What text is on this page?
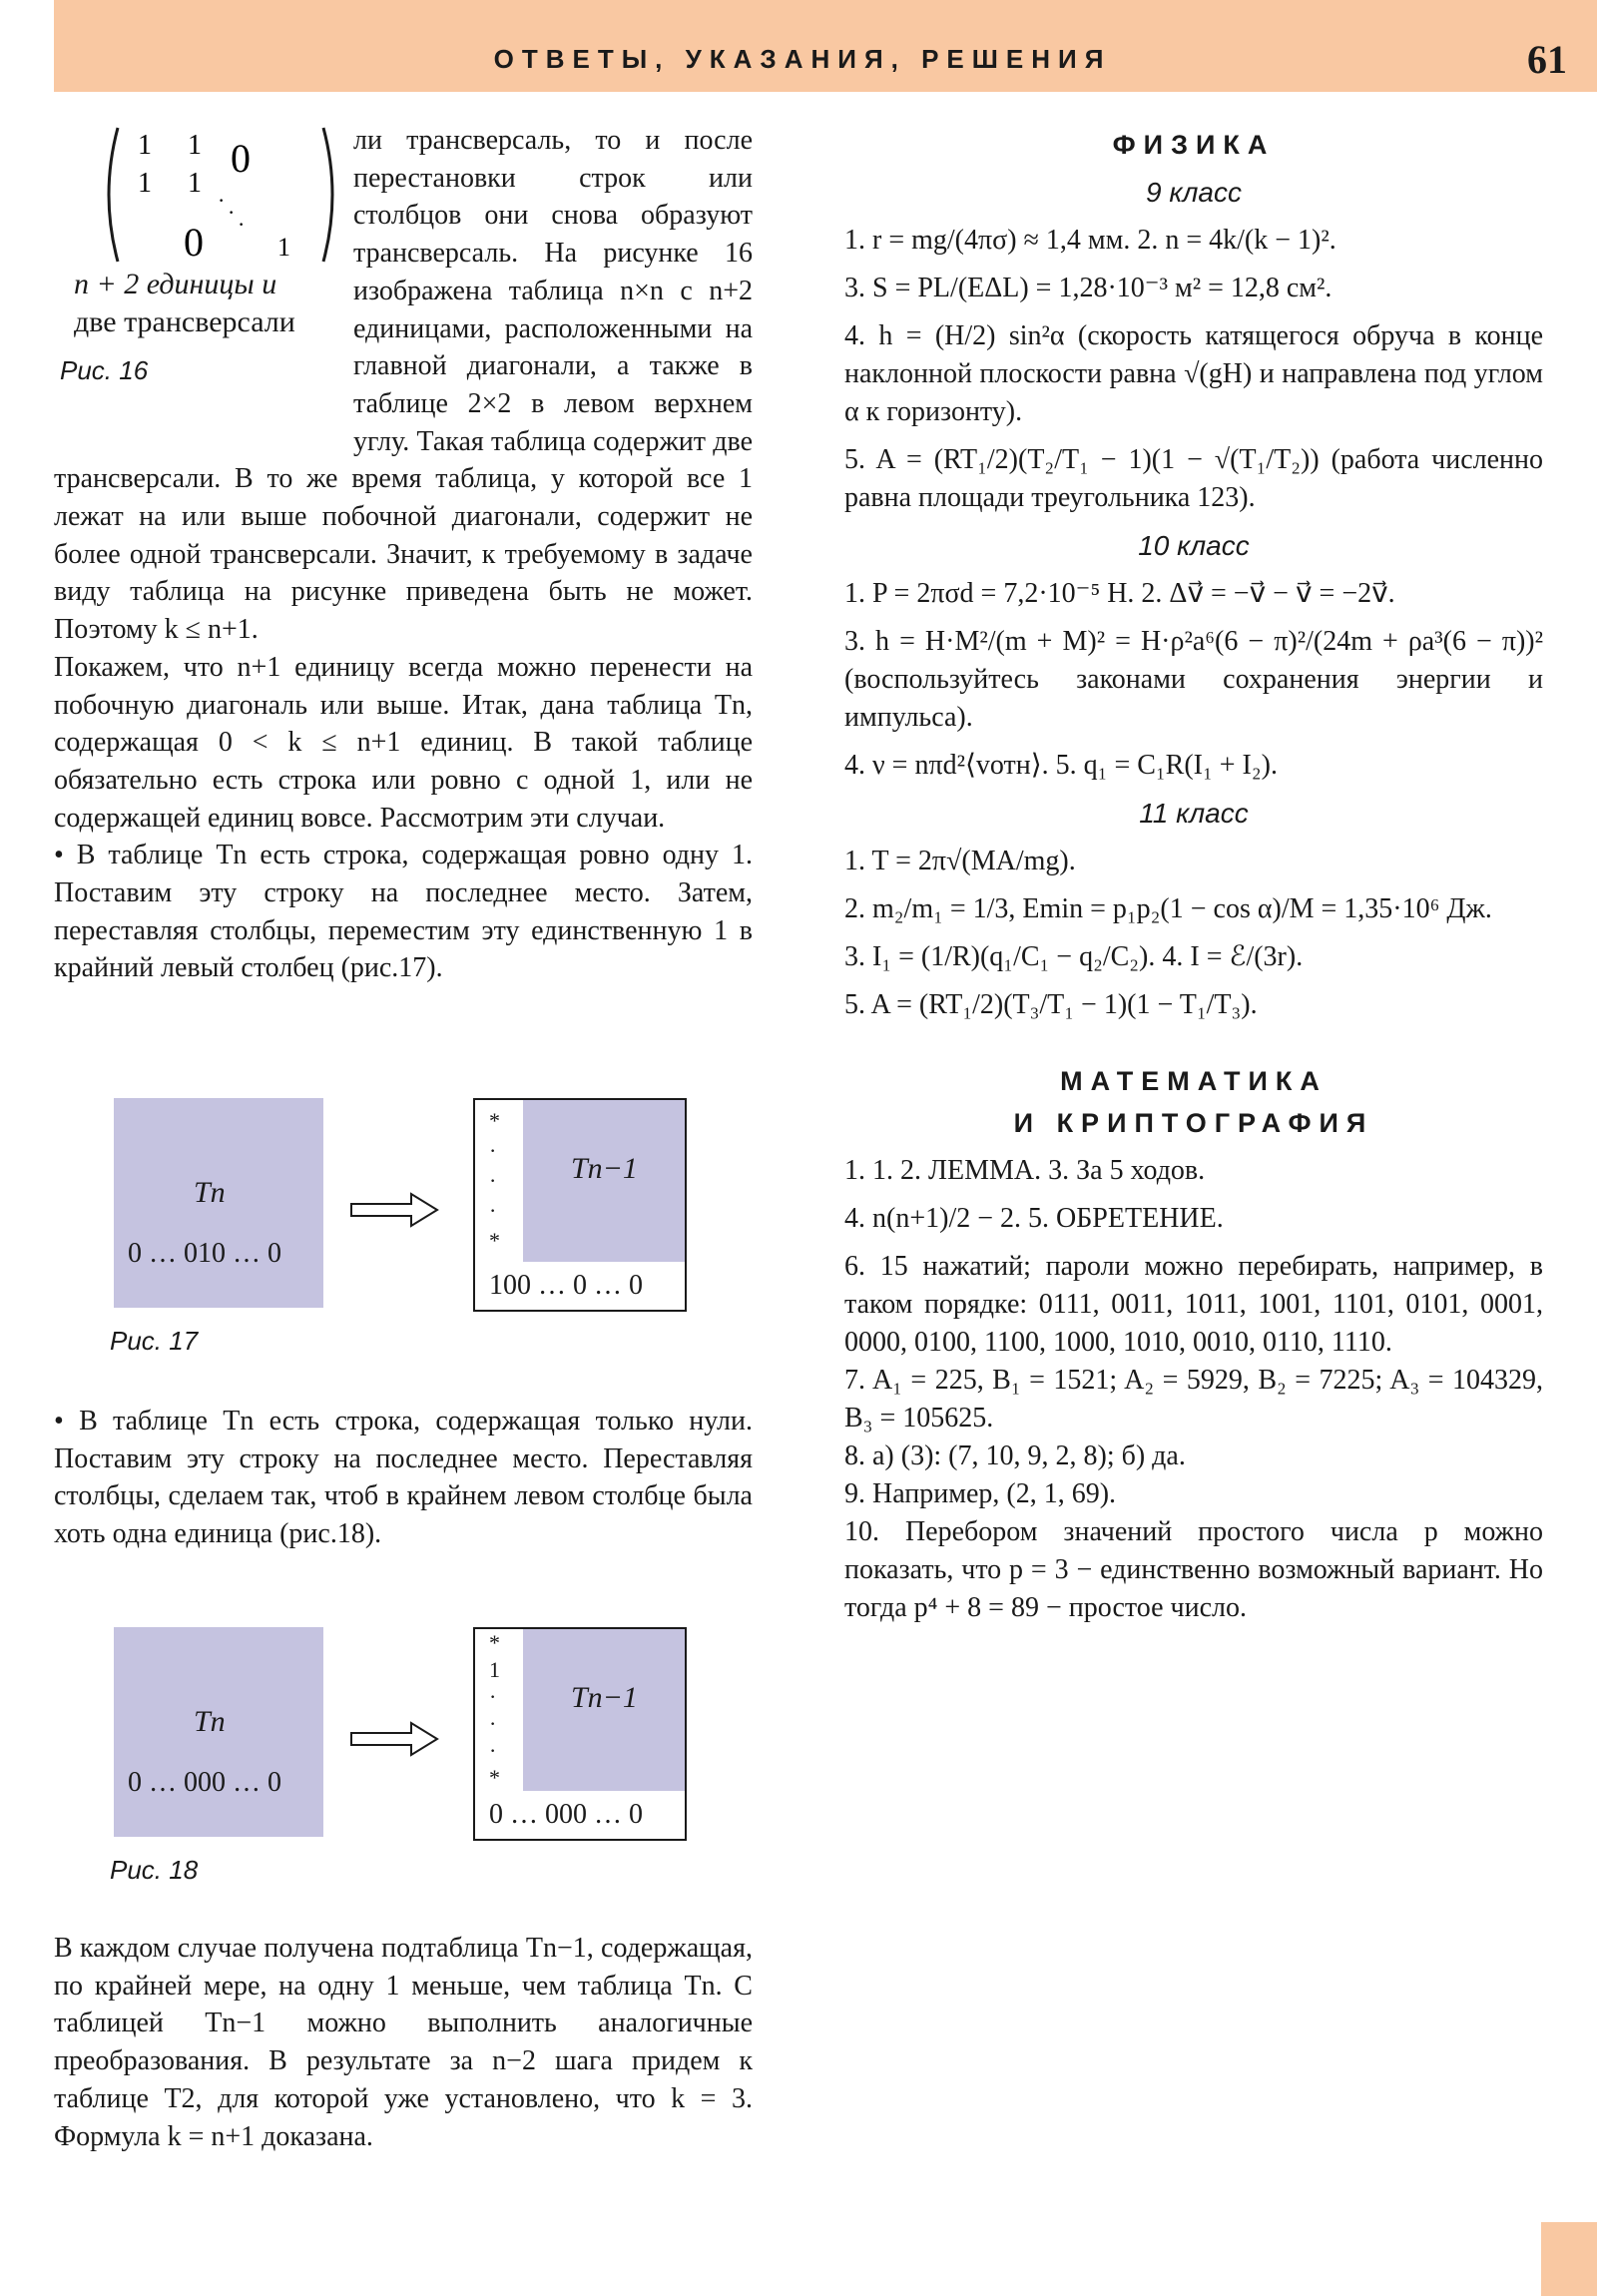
ОТВЕТЫ, УКАЗАНИЯ, РЕШЕНИЯ	61
1 1
1 1
0
0
· · ·
1
n + 2 единицы и
две трансверсали
Рис. 16
ли трансверсаль, то и после перестановки строк или столбцов они снова образуют трансверсаль. На рисунке 16 изображена таблица n×n с n+2 единицами, расположенными на главной диагонали, а также в таблице 2×2 в левом верхнем углу. Такая таблица содержит две трансверсали. В то же время таблица, у которой все 1 лежат на или выше побочной диагонали, содержит не более одной трансверсали. Значит, к требуемому в задаче виду таблица на рисунке приведена быть не может. Поэтому k ≤ n+1.

Покажем, что n+1 единицу всегда можно перенести на побочную диагональ или выше. Итак, дана таблица Tn, содержащая 0 < k ≤ n+1 единиц. В такой таблице обязательно есть строка или ровно с одной 1, или не содержащей единиц вовсе. Рассмотрим эти случаи.

• В таблице Tn есть строка, содержащая ровно одну 1. Поставим эту строку на последнее место. Затем, переставляя столбцы, переместим эту единственную 1 в крайний левый столбец (рис.17).

Tn
0 … 010 … 0
Tn−1
*
·
·
·
*
100 … 0 … 0
Рис. 17

• В таблице Tn есть строка, содержащая только нули. Поставим эту строку на последнее место. Переставляя столбцы, сделаем так, чтоб в крайнем левом столбце была хоть одна единица (рис.18).

Tn
0 … 000 … 0
Tn−1
*
1
·
·
·
*
0 … 000 … 0
Рис. 18

В каждом случае получена подтаблица Tn−1, содержащая, по крайней мере, на одну 1 меньше, чем таблица Tn. С таблицей Tn−1 можно выполнить аналогичные преобразования. В результате за n−2 шага придем к таблице T2, для которой уже установлено, что k = 3. Формула k = n+1 доказана.

ФИЗИКА
9 класс

1. r = mg/(4πσ) ≈ 1,4 мм. 2. n = 4k/(k − 1)².

3. S = PL/(EΔL) = 1,28·10⁻³ м² = 12,8 см².

4. h = (H/2) sin²α (скорость катящегося обруча в конце наклонной плоскости равна √(gH) и направлена под углом α к горизонту).

5. A = (RT₁/2)(T₂/T₁ − 1)(1 − √(T₁/T₂)) (работа численно равна площади треугольника 123).

10 класс

1. P = 2πσd = 7,2·10⁻⁵ Н. 2. Δv⃗ = −v⃗ − v⃗ = −2v⃗.

3. h = H·M²/(m + M)² = H·ρ²a⁶(6 − π)²/(24m + ρa³(6 − π))² (воспользуйтесь законами сохранения энергии и импульса).

4. ν = nπd²⟨vотн⟩. 5. q₁ = C₁R(I₁ + I₂).

11 класс

1. T = 2π√(MA/mg).

2. m₂/m₁ = 1/3, Emin = p₁p₂(1 − cos α)/M = 1,35·10⁶ Дж.

3. I₁ = (1/R)(q₁/C₁ − q₂/C₂). 4. I = ℰ/(3r).

5. A = (RT₁/2)(T₃/T₁ − 1)(1 − T₁/T₃).

МАТЕМАТИКА
И КРИПТОГРАФИЯ

1. 1. 2. ЛЕММА. 3. За 5 ходов.

4. n(n+1)/2 − 2. 5. ОБРЕТЕНИЕ.

6. 15 нажатий; пароли можно перебирать, например, в таком порядке: 0111, 0011, 1011, 1001, 1101, 0101, 0001, 0000, 0100, 1100, 1000, 1010, 0010, 0110, 1110.

7. A₁ = 225, B₁ = 1521; A₂ = 5929, B₂ = 7225; A₃ = 104329, B₃ = 105625.

8. а) (3): (7, 10, 9, 2, 8); б) да.

9. Например, (2, 1, 69).

10. Перебором значений простого числа p можно показать, что p = 3 − единственно возможный вариант. Но тогда p⁴ + 8 = 89 − простое число.
